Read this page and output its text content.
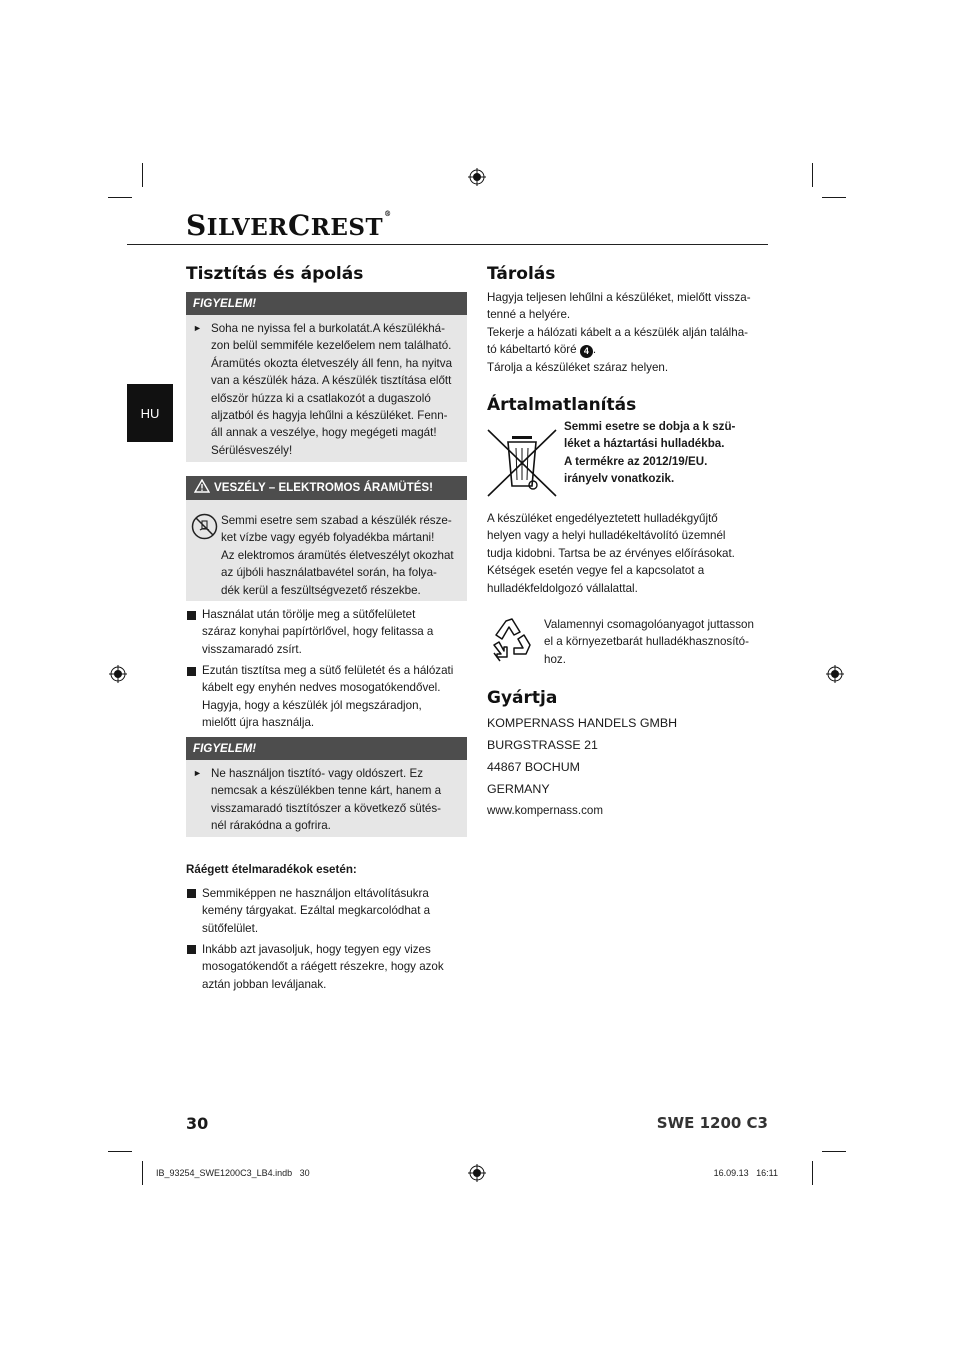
SILVERCREST®
HU
Tisztítás és ápolás
FIGYELEM!
► Soha ne nyissa fel a burkolatát.A készülékhá-
zon belül semmiféle kezelőelem nem található.
Áramütés okozta életveszély áll fenn, ha nyitva
van a készülék háza. A készülék tisztítása előtt
először húzza ki a csatlakozót a dugaszoló
aljzatból és hagyja lehűlni a készüléket. Fenn-
áll annak a veszélye, hogy megégeti magát!
Sérülésveszély!
VESZÉLY – ELEKTROMOS ÁRAMÜTÉS!
Semmi esetre sem szabad a készülék része-
ket vízbe vagy egyéb folyadékba mártani!
Az elektromos áramütés életveszélyt okozhat
az újbóli használatbavétel során, ha folya-
dék kerül a feszültségvezető részekbe.
Használat után törölje meg a sütőfelületet
száraz konyhai papírtörlővel, hogy felitassa a
visszamaradó zsírt.
Ezután tisztítsa meg a sütő felületét és a hálózati
kábelt egy enyhén nedves mosogatókendővel.
Hagyja, hogy a készülék jól megszáradjon,
mielőtt újra használja.
FIGYELEM!
► Ne használjon tisztító- vagy oldószert. Ez
nemcsak a készülékben tenne kárt, hanem a
visszamaradó tisztítószer a következő sütés-
nél rárakódna a gofrira.
Ráégett ételmaradékok esetén:
Semmiképpen ne használjon eltávolításukra
kemény tárgyakat. Ezáltal megkarcolódhat a
sütőfelület.
Inkább azt javasoljuk, hogy tegyen egy vizes
mosogatókendőt a ráégett részekre, hogy azok
aztán jobban leváljanak.
Tárolás
Hagyja teljesen lehűlni a készüléket, mielőtt vissza-
tenné a helyére.
Tekerje a hálózati kábelt a a készülék alján találha-
tó kábeltartó köré 4 .
Tárolja a készüléket száraz helyen.
Ártalmatlanítás
Semmi esetre se dobja a k szü-
léket a háztartási hulladékba.
A termékre az 2012/19/EU.
irányelv vonatkozik.
A készüléket engedélyeztetett hulladékgyűjtő
helyen vagy a helyi hulladékeltávolító üzemnél
tudja kidobni. Tartsa be az érvényes előírásokat.
Kétségek esetén vegye fel a kapcsolatot a
hulladékfeldolgozó vállalattal.
Valamennyi csomagolóanyagot juttasson
el a környezetbarát hulladékhasznosító-
hoz.
Gyártja
KOMPERNASS HANDELS GMBH
BURGSTRASSE 21
44867 BOCHUM
GERMANY
www.kompernass.com
30	SWE 1200 C3
IB_93254_SWE1200C3_LB4.indb   30	16.09.13   16:11
